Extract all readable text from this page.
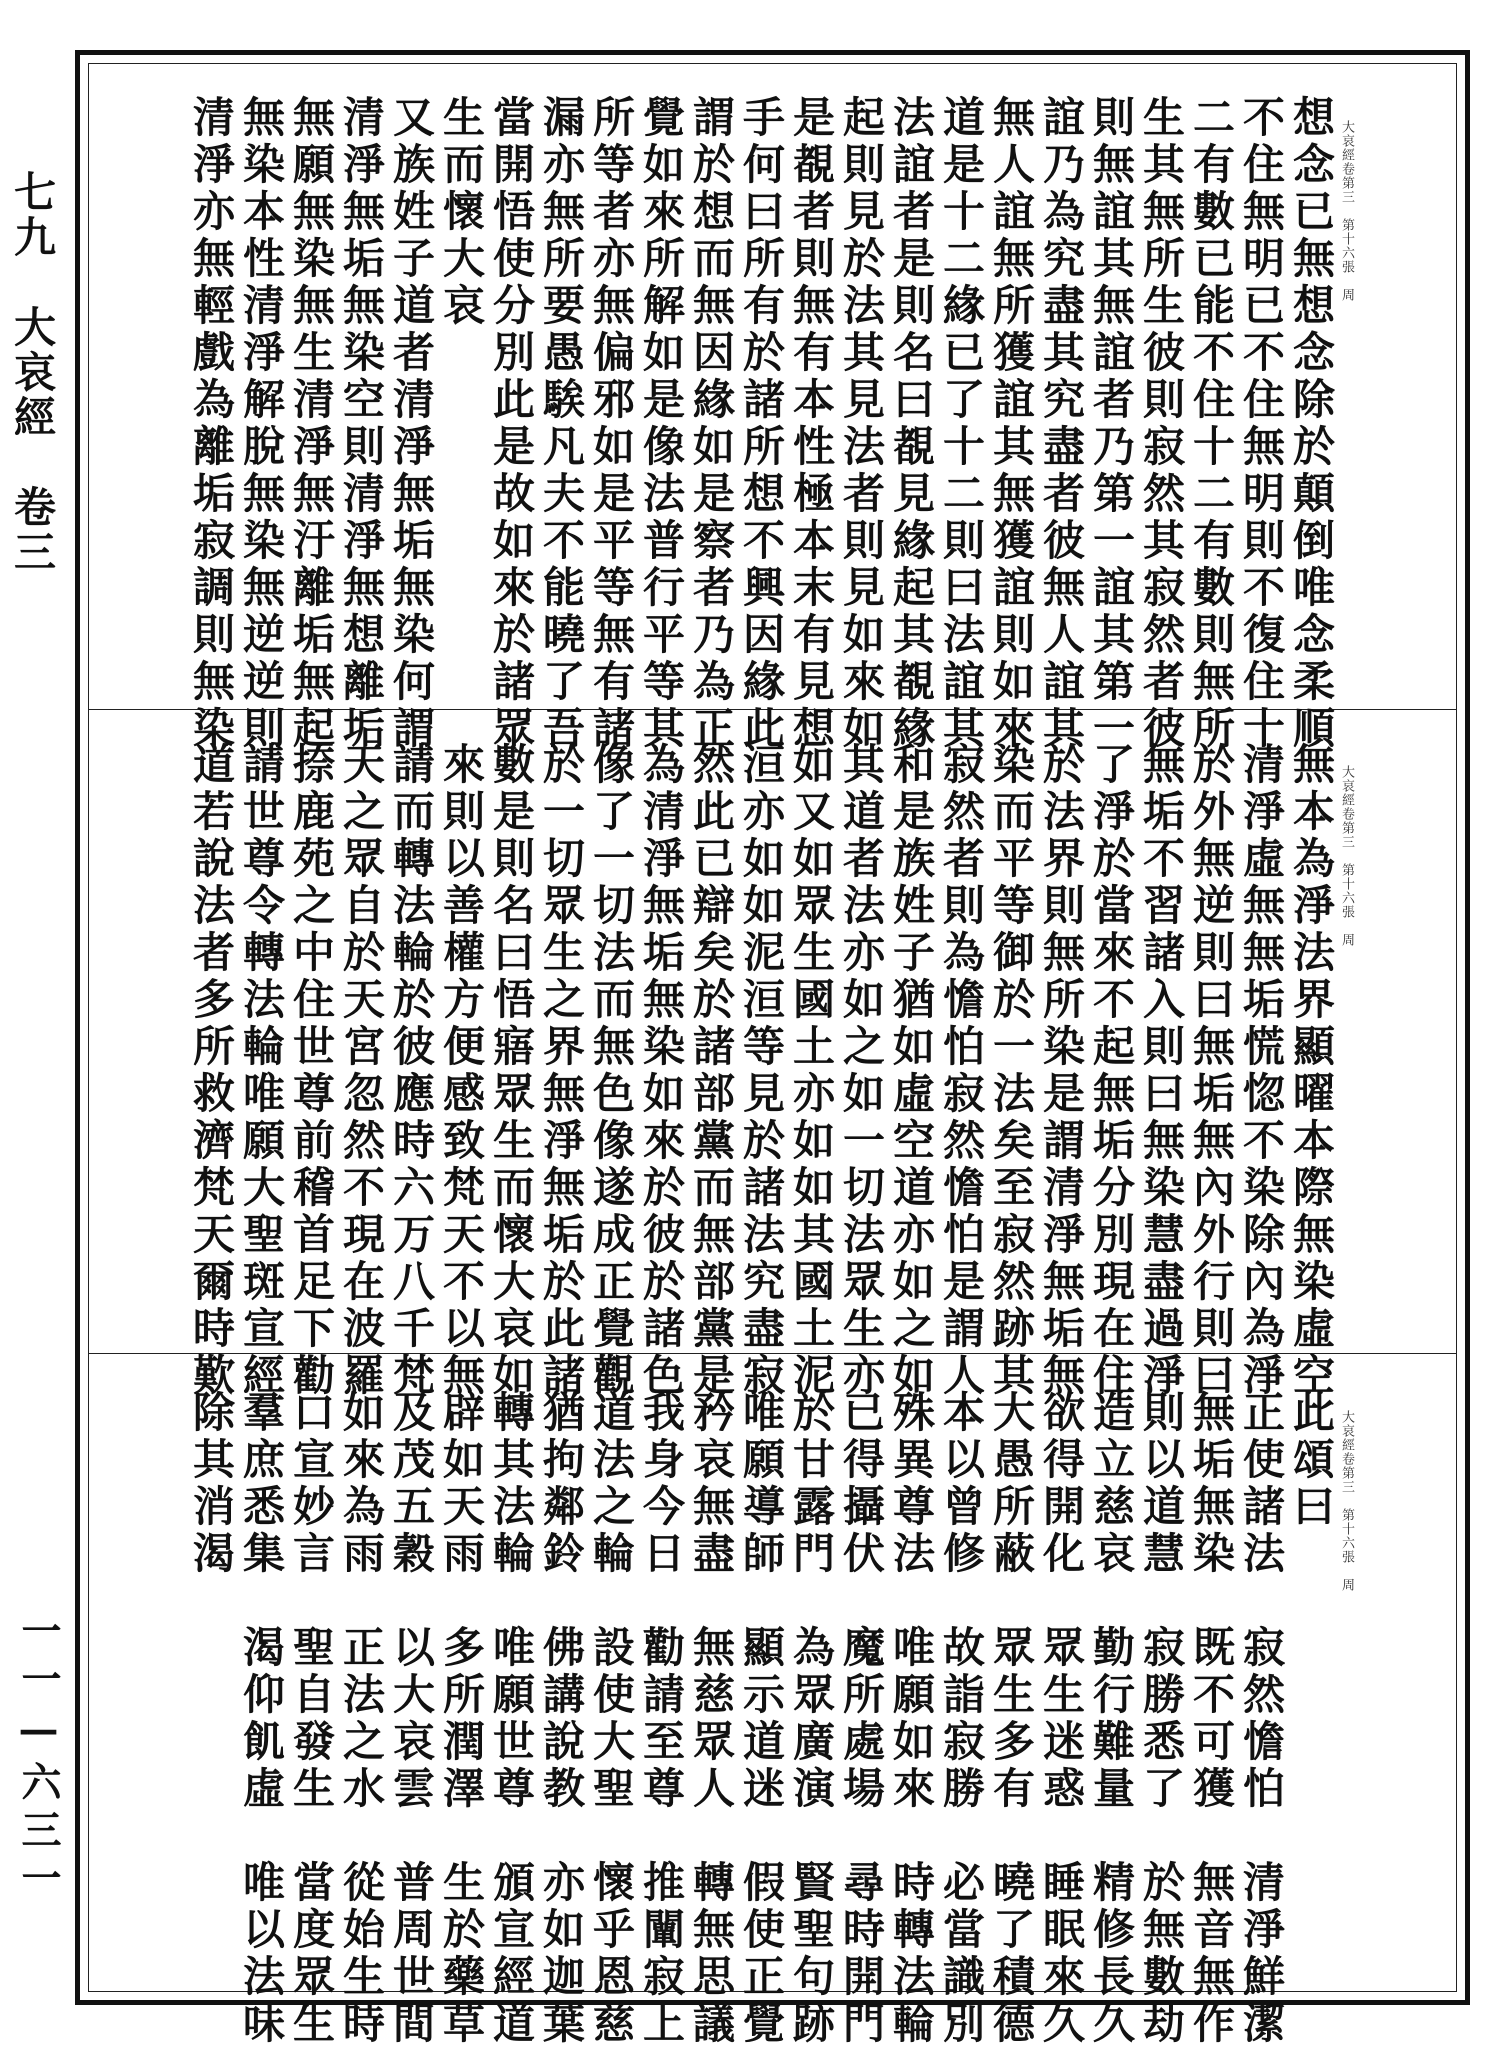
七九　大哀經　卷三
一一—六三一
大哀經卷第三　第十六張　周
想念已無想念除於顛倒唯念柔順
不住無明已不住無明則不復住十
二有數已能不住十二有數則無所
生其無所生彼則寂然其寂然者彼
則無誼其無誼者乃第一誼其第一
誼乃為究盡其究盡者彼無人誼其
無人誼無所獲誼其無獲誼則如來
道是十二緣已了十二則曰法誼其
法誼者是則名曰覩見緣起其覩緣
起則見於法其見法者則見如來如
是覩者則無有本性極本末有見想
手何曰所有於諸所想不興因緣此
謂於想而無因緣如是察者乃為正
覺如來所解如是像法普行平等其
所等者亦無偏邪如是平等無有諸
漏亦無所要愚騃凡夫不能曉了吾
當開悟使分別此是故如來於諸眾
生而懷大哀
又族姓子道者清淨無垢無染何謂
清淨無垢無染空則清淨無想離垢
無願無染無生清淨無汙離垢無起
無染本性清淨解脫無染無逆逆則
清淨亦無輕戲為離垢寂調則無染
大哀經卷第三　第十六張　周
無本為淨法界顯曜本際無染虛空
清淨虛無無垢慌惚不染除內為淨
於外無逆則曰無垢無內外行則曰
無垢不習諸入則曰無染慧盡過淨
了淨於當來不起無垢分別現在住
於法界則無所染是謂清淨無垢無
染而平等御於一法矣至寂然跡其
寂然者則為憺怕寂然憺怕是謂人
和是族姓子猶如虛空道亦如之如
其道者法亦如之如一切法眾生亦
如又如眾生國土亦如如其國土泥
洹亦如如泥洹等見於諸法究盡寂
然此已辯矣於諸部黨而無部黨是
為清淨無垢無染如來於彼於諸色
像了一切法而無色像遂成正覺觀
於一切眾生之界無淨無垢於此諸
數是則名曰悟寤眾生而懷大哀如
來則以善權方便感致梵天不以無
請而轉法輪於彼應時六万八千梵
天之眾自於天宮忽然不現在波羅
捺鹿苑之中住世尊前稽首足下勸
請世尊令轉法輪唯願大聖斑宣經
道若說法者多所救濟梵天爾時歎
大哀經卷第三　第十六張　周
此頌曰
正使諸法　寂然憺怕　清淨鮮潔
無垢無染　既不可獲　無音無作
則以道慧　寂勝悉了　於無數劫
造立慈哀　勤行難量　精修長久
欲得開化　眾生迷惑　睡眠來久
大愚所蔽　眾生多有　曉了積德
本以曾修　故詣寂勝　必當識別
殊異尊法　唯願如來　時轉法輪
已得攝伏　魔所處場　尋時開門
於甘露門　為眾廣演　賢聖句跡
唯願導師　顯示道迷　假使正覺
矜哀無盡　無慈眾人　轉無思議
我身今日　勸請至尊　推闡寂上
道法之輪　設使大聖　懷乎恩慈
猶拘鄰鈴　佛講說教　亦如迦葉
轉其法輪　唯願世尊　頒宣經道
辟如天雨　多所潤澤　生於藥草
及茂五穀　以大哀雲　普周世間
如來為雨　正法之水　從始生時
口宣妙言　聖自發生　當度眾生
羣庶悉集　渴仰飢虛　唯以法味
除其消渴
